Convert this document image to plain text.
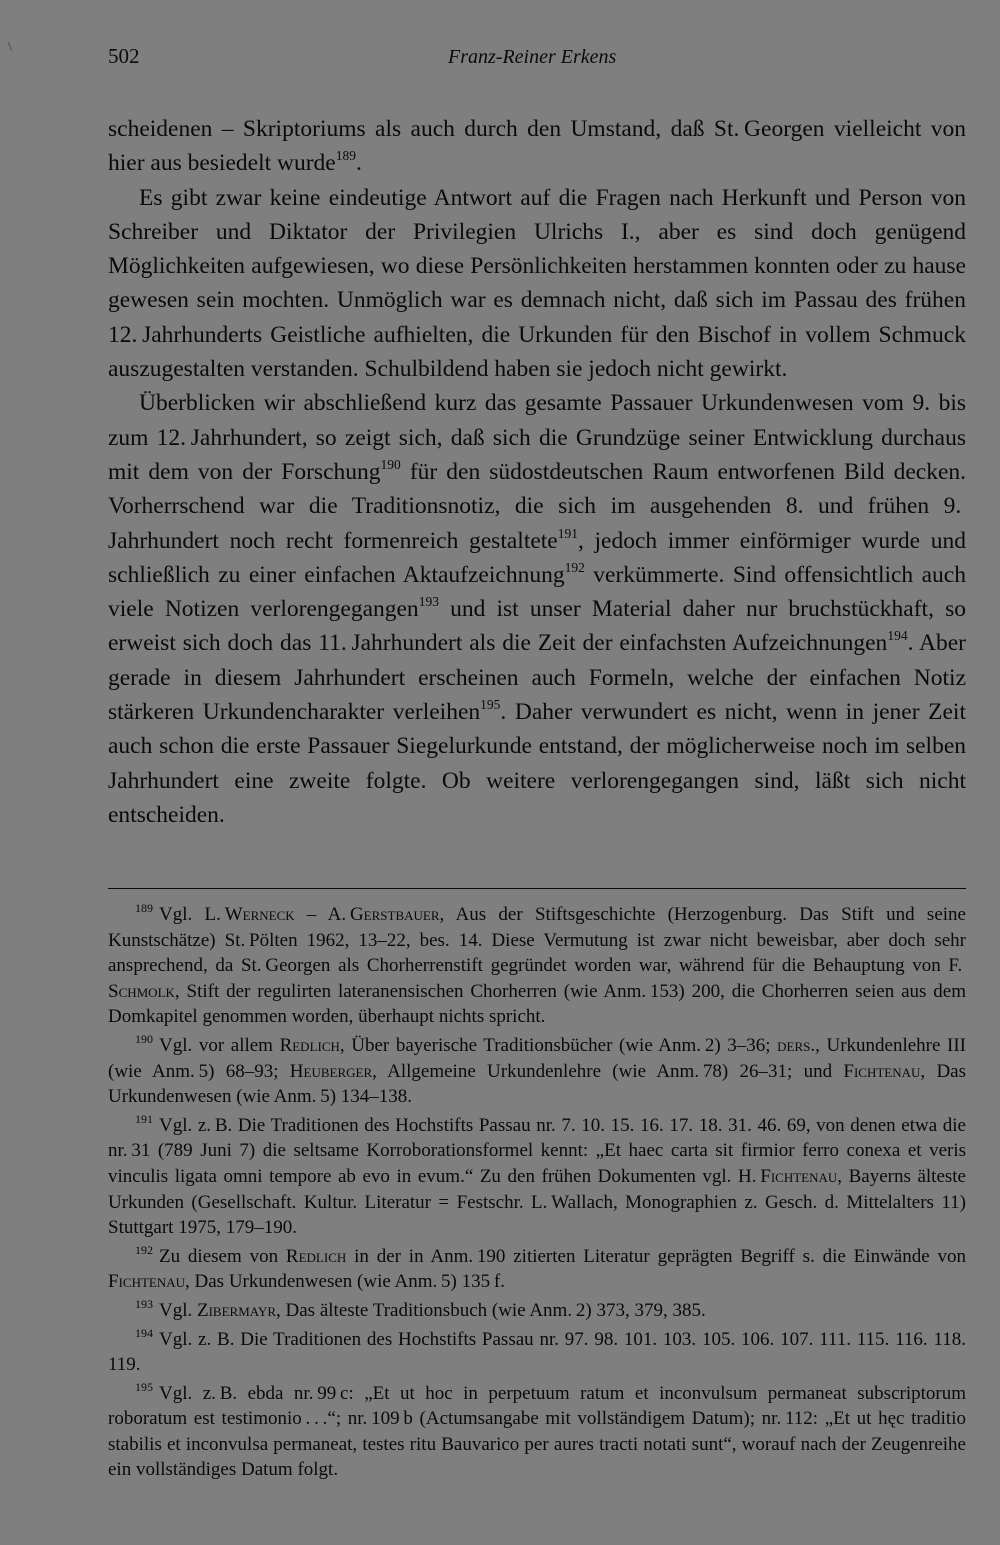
\	502	Franz-Reiner Erkens

scheidenen – Skriptoriums als auch durch den Umstand, daß St. Georgen vielleicht von hier aus besiedelt wurde$^{189}$.

Es gibt zwar keine eindeutige Antwort auf die Fragen nach Herkunft und Person von Schreiber und Diktator der Privilegien Ulrichs I., aber es sind doch genügend Möglichkeiten aufgewiesen, wo diese Persönlichkeiten herstammen konnten oder zu hause gewesen sein mochten. Unmöglich war es demnach nicht, daß sich im Passau des frühen 12. Jahrhunderts Geistliche aufhielten, die Urkunden für den Bischof in vollem Schmuck auszugestalten verstanden. Schulbildend haben sie jedoch nicht gewirkt.

Überblicken wir abschließend kurz das gesamte Passauer Urkundenwesen vom 9. bis zum 12. Jahrhundert, so zeigt sich, daß sich die Grundzüge seiner Entwicklung durchaus mit dem von der Forschung$^{190}$ für den südostdeutschen Raum entworfenen Bild decken. Vorherrschend war die Traditionsnotiz, die sich im ausgehenden 8. und frühen 9. Jahrhundert noch recht formenreich gestaltete$^{191}$, jedoch immer einförmiger wurde und schließlich zu einer einfachen Aktaufzeichnung$^{192}$ verkümmerte. Sind offensichtlich auch viele Notizen verlorengegangen$^{193}$ und ist unser Material daher nur bruchstückhaft, so erweist sich doch das 11. Jahrhundert als die Zeit der einfachsten Aufzeichnungen$^{194}$. Aber gerade in diesem Jahrhundert erscheinen auch Formeln, welche der einfachen Notiz stärkeren Urkundencharakter verleihen$^{195}$. Daher verwundert es nicht, wenn in jener Zeit auch schon die erste Passauer Siegelurkunde entstand, der möglicherweise noch im selben Jahrhundert eine zweite folgte. Ob weitere verlorengegangen sind, läßt sich nicht entscheiden.

$^{189}$ Vgl. L. Werneck – A. Gerstbauer, Aus der Stiftsgeschichte (Herzogenburg. Das Stift und seine Kunstschätze) St. Pölten 1962, 13–22, bes. 14. Diese Vermutung ist zwar nicht beweisbar, aber doch sehr ansprechend, da St. Georgen als Chorherrenstift gegründet worden war, während für die Behauptung von F. Schmolk, Stift der regulirten lateranensischen Chorherren (wie Anm. 153) 200, die Chorherren seien aus dem Domkapitel genommen worden, überhaupt nichts spricht.

$^{190}$ Vgl. vor allem Redlich, Über bayerische Traditionsbücher (wie Anm. 2) 3–36; ders., Urkundenlehre III (wie Anm. 5) 68–93; Heuberger, Allgemeine Urkundenlehre (wie Anm. 78) 26–31; und Fichtenau, Das Urkundenwesen (wie Anm. 5) 134–138.

$^{191}$ Vgl. z. B. Die Traditionen des Hochstifts Passau nr. 7. 10. 15. 16. 17. 18. 31. 46. 69, von denen etwa die nr. 31 (789 Juni 7) die seltsame Korroborationsformel kennt: „Et haec carta sit firmior ferro conexa et veris vinculis ligata omni tempore ab evo in evum.“ Zu den frühen Dokumenten vgl. H. Fichtenau, Bayerns älteste Urkunden (Gesellschaft. Kultur. Literatur = Festschr. L. Wallach, Monographien z. Gesch. d. Mittelalters 11) Stuttgart 1975, 179–190.

$^{192}$ Zu diesem von Redlich in der in Anm. 190 zitierten Literatur geprägten Begriff s. die Einwände von Fichtenau, Das Urkundenwesen (wie Anm. 5) 135 f.

$^{193}$ Vgl. Zibermayr, Das älteste Traditionsbuch (wie Anm. 2) 373, 379, 385.

$^{194}$ Vgl. z. B. Die Traditionen des Hochstifts Passau nr. 97. 98. 101. 103. 105. 106. 107. 111. 115. 116. 118. 119.

$^{195}$ Vgl. z. B. ebda nr. 99 c: „Et ut hoc in perpetuum ratum et inconvulsum permaneat subscriptorum roboratum est testimonio . . .“; nr. 109 b (Actumsangabe mit vollständigem Datum); nr. 112: „Et ut hęc traditio stabilis et inconvulsa permaneat, testes ritu Bauvarico per aures tracti notati sunt“, worauf nach der Zeugenreihe ein vollständiges Datum folgt.
